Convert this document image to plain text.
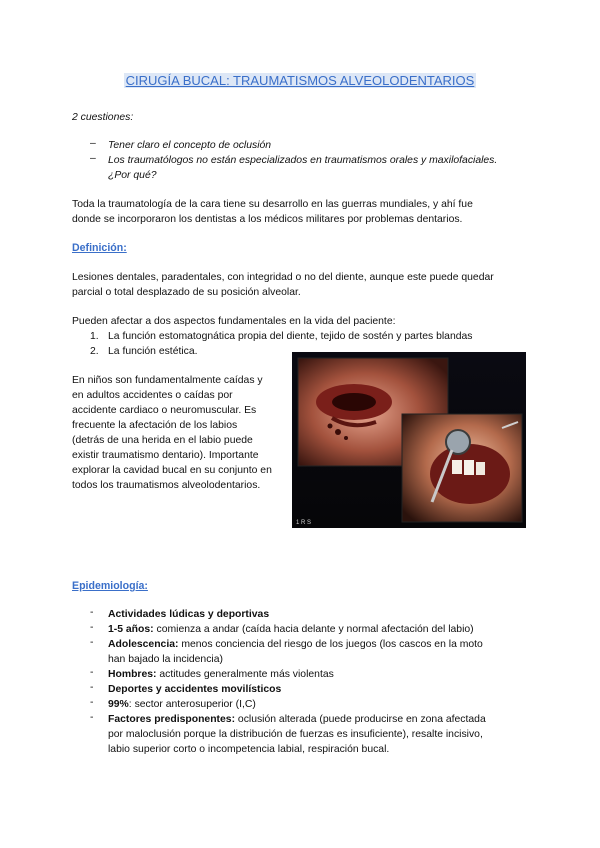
CIRUGÍA BUCAL: TRAUMATISMOS ALVEOLODENTARIOS
2 cuestiones:
– Tener claro el concepto de oclusión
– Los traumatólogos no están especializados en traumatismos orales y maxilofaciales.
¿Por qué?
Toda la traumatología de la cara tiene su desarrollo en las guerras mundiales, y ahí fue
donde se incorporaron los dentistas a los médicos militares por problemas dentarios.
Definición:
Lesiones dentales, paradentales, con integridad o no del diente, aunque este puede quedar
parcial o total desplazado de su posición alveolar.
Pueden afectar a dos aspectos fundamentales en la vida del paciente:
1. La función estomatognática propia del diente, tejido de sostén y partes blandas
2. La función estética.
En niños son fundamentalmente caídas y
en adultos accidentes o caídas por
accidente cardiaco o neuromuscular. Es
frecuente la afectación de los labios
(detrás de una herida en el labio puede
existir traumatismo dentario). Importante
explorar la cavidad bucal en su conjunto en
todos los traumatismos alveolodentarios.
1 R S
Epidemiología:
- Actividades lúdicas y deportivas
- 1-5 años: comienza a andar (caída hacia delante y normal afectación del labio)
- Adolescencia: menos conciencia del riesgo de los juegos (los cascos en la moto
han bajado la incidencia)
- Hombres: actitudes generalmente más violentas
- Deportes y accidentes movilísticos
- 99%: sector anterosuperior (I,C)
- Factores predisponentes: oclusión alterada (puede producirse en zona afectada
por maloclusión porque la distribución de fuerzas es insuficiente), resalte incisivo,
labio superior corto o incompetencia labial, respiración bucal.
